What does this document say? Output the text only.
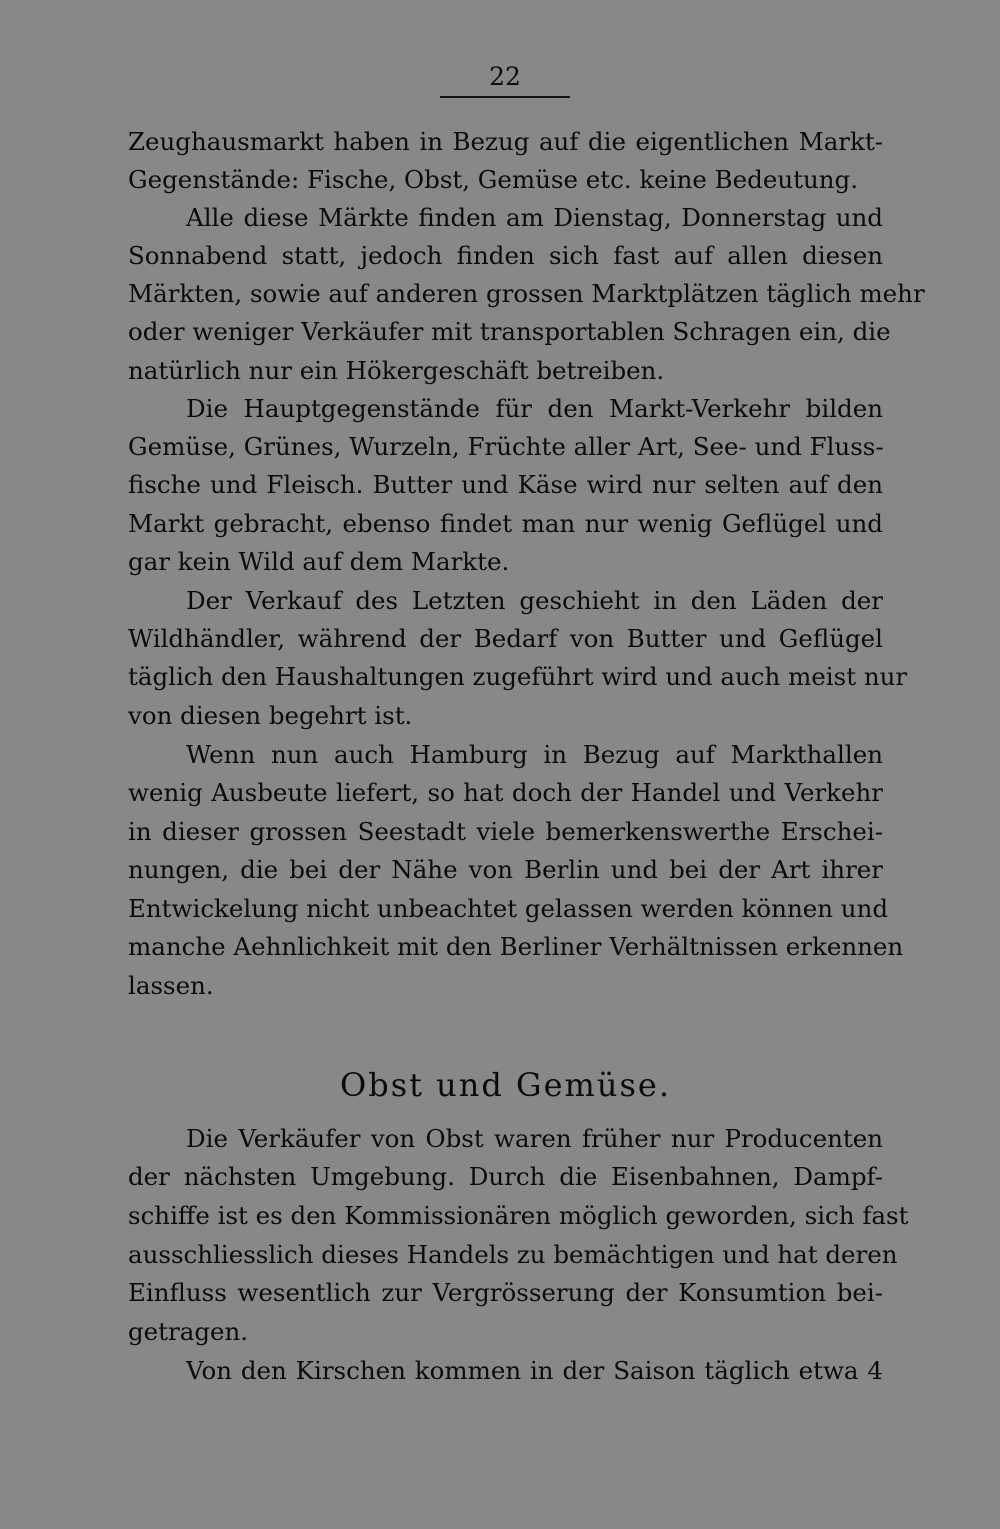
22
Zeughausmarkt haben in Bezug auf die eigentlichen Markt-
Gegenstände: Fische, Obst, Gemüse etc. keine Bedeutung.
Alle diese Märkte finden am Dienstag, Donnerstag und
Sonnabend statt, jedoch finden sich fast auf allen diesen
Märkten, sowie auf anderen grossen Marktplätzen täglich mehr
oder weniger Verkäufer mit transportablen Schragen ein, die
natürlich nur ein Hökergeschäft betreiben.
Die Hauptgegenstände für den Markt-Verkehr bilden
Gemüse, Grünes, Wurzeln, Früchte aller Art, See- und Fluss-
fische und Fleisch. Butter und Käse wird nur selten auf den
Markt gebracht, ebenso findet man nur wenig Geflügel und
gar kein Wild auf dem Markte.
Der Verkauf des Letzten geschieht in den Läden der
Wildhändler, während der Bedarf von Butter und Geflügel
täglich den Haushaltungen zugeführt wird und auch meist nur
von diesen begehrt ist.
Wenn nun auch Hamburg in Bezug auf Markthallen
wenig Ausbeute liefert, so hat doch der Handel und Verkehr
in dieser grossen Seestadt viele bemerkenswerthe Erschei-
nungen, die bei der Nähe von Berlin und bei der Art ihrer
Entwickelung nicht unbeachtet gelassen werden können und
manche Aehnlichkeit mit den Berliner Verhältnissen erkennen
lassen.
Obst und Gemüse.
Die Verkäufer von Obst waren früher nur Producenten
der nächsten Umgebung. Durch die Eisenbahnen, Dampf-
schiffe ist es den Kommissionären möglich geworden, sich fast
ausschliesslich dieses Handels zu bemächtigen und hat deren
Einfluss wesentlich zur Vergrösserung der Konsumtion bei-
getragen.
Von den Kirschen kommen in der Saison täglich etwa 4
